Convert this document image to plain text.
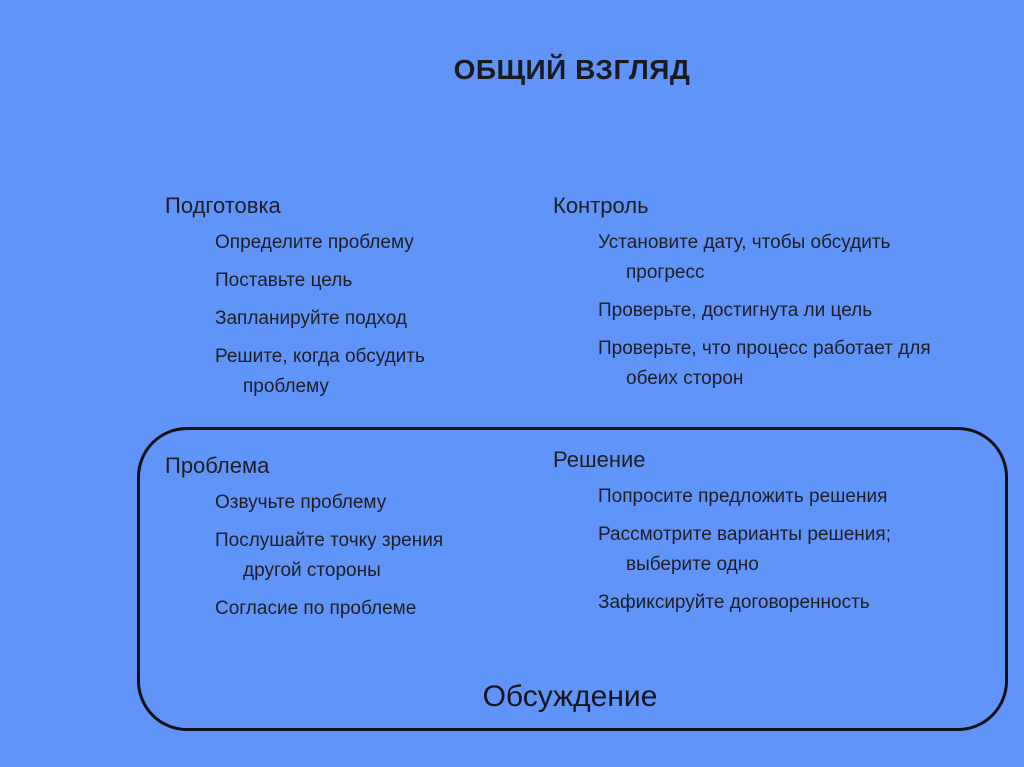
ОБЩИЙ ВЗГЛЯД
Подготовка
Определите проблему
Поставьте цель
Запланируйте подход
Решите, когда обсудить проблему
Контроль
Установите дату, чтобы обсудить прогресс
Проверьте, достигнута ли цель
Проверьте, что процесс работает для обеих сторон
Проблема
Озвучьте проблему
Послушайте точку зрения другой стороны
Согласие по проблеме
Решение
Попросите предложить решения
Рассмотрите варианты решения; выберите одно
Зафиксируйте договоренность
Обсуждение
